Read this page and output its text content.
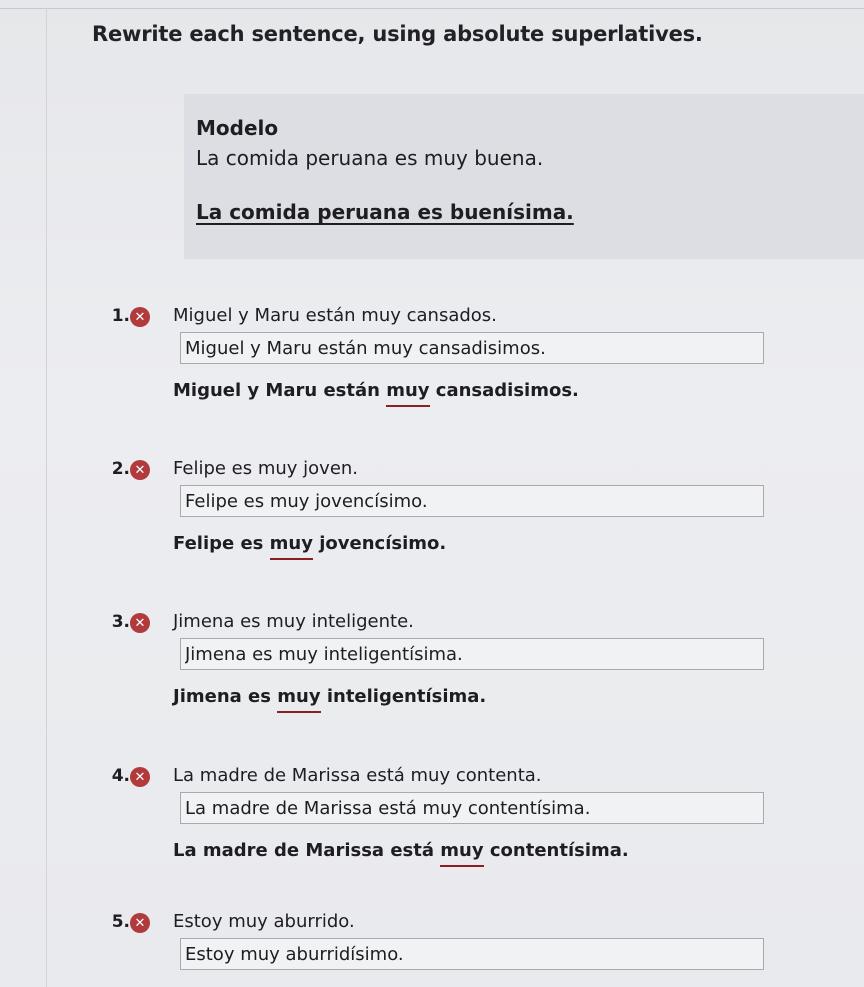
Rewrite each sentence, using absolute superlatives.
Modelo
La comida peruana es muy buena.
La comida peruana es buenísima.
1. ✕ Miguel y Maru están muy cansados.
Miguel y Maru están muy cansadisimos.
Miguel y Maru están muy cansadisimos.
2. ✕ Felipe es muy joven.
Felipe es muy jovencísimo.
Felipe es muy jovencísimo.
3. ✕ Jimena es muy inteligente.
Jimena es muy inteligentísima.
Jimena es muy inteligentísima.
4. ✕ La madre de Marissa está muy contenta.
La madre de Marissa está muy contentísima.
La madre de Marissa está muy contentísima.
5. ✕ Estoy muy aburrido.
Estoy muy aburridísimo.
